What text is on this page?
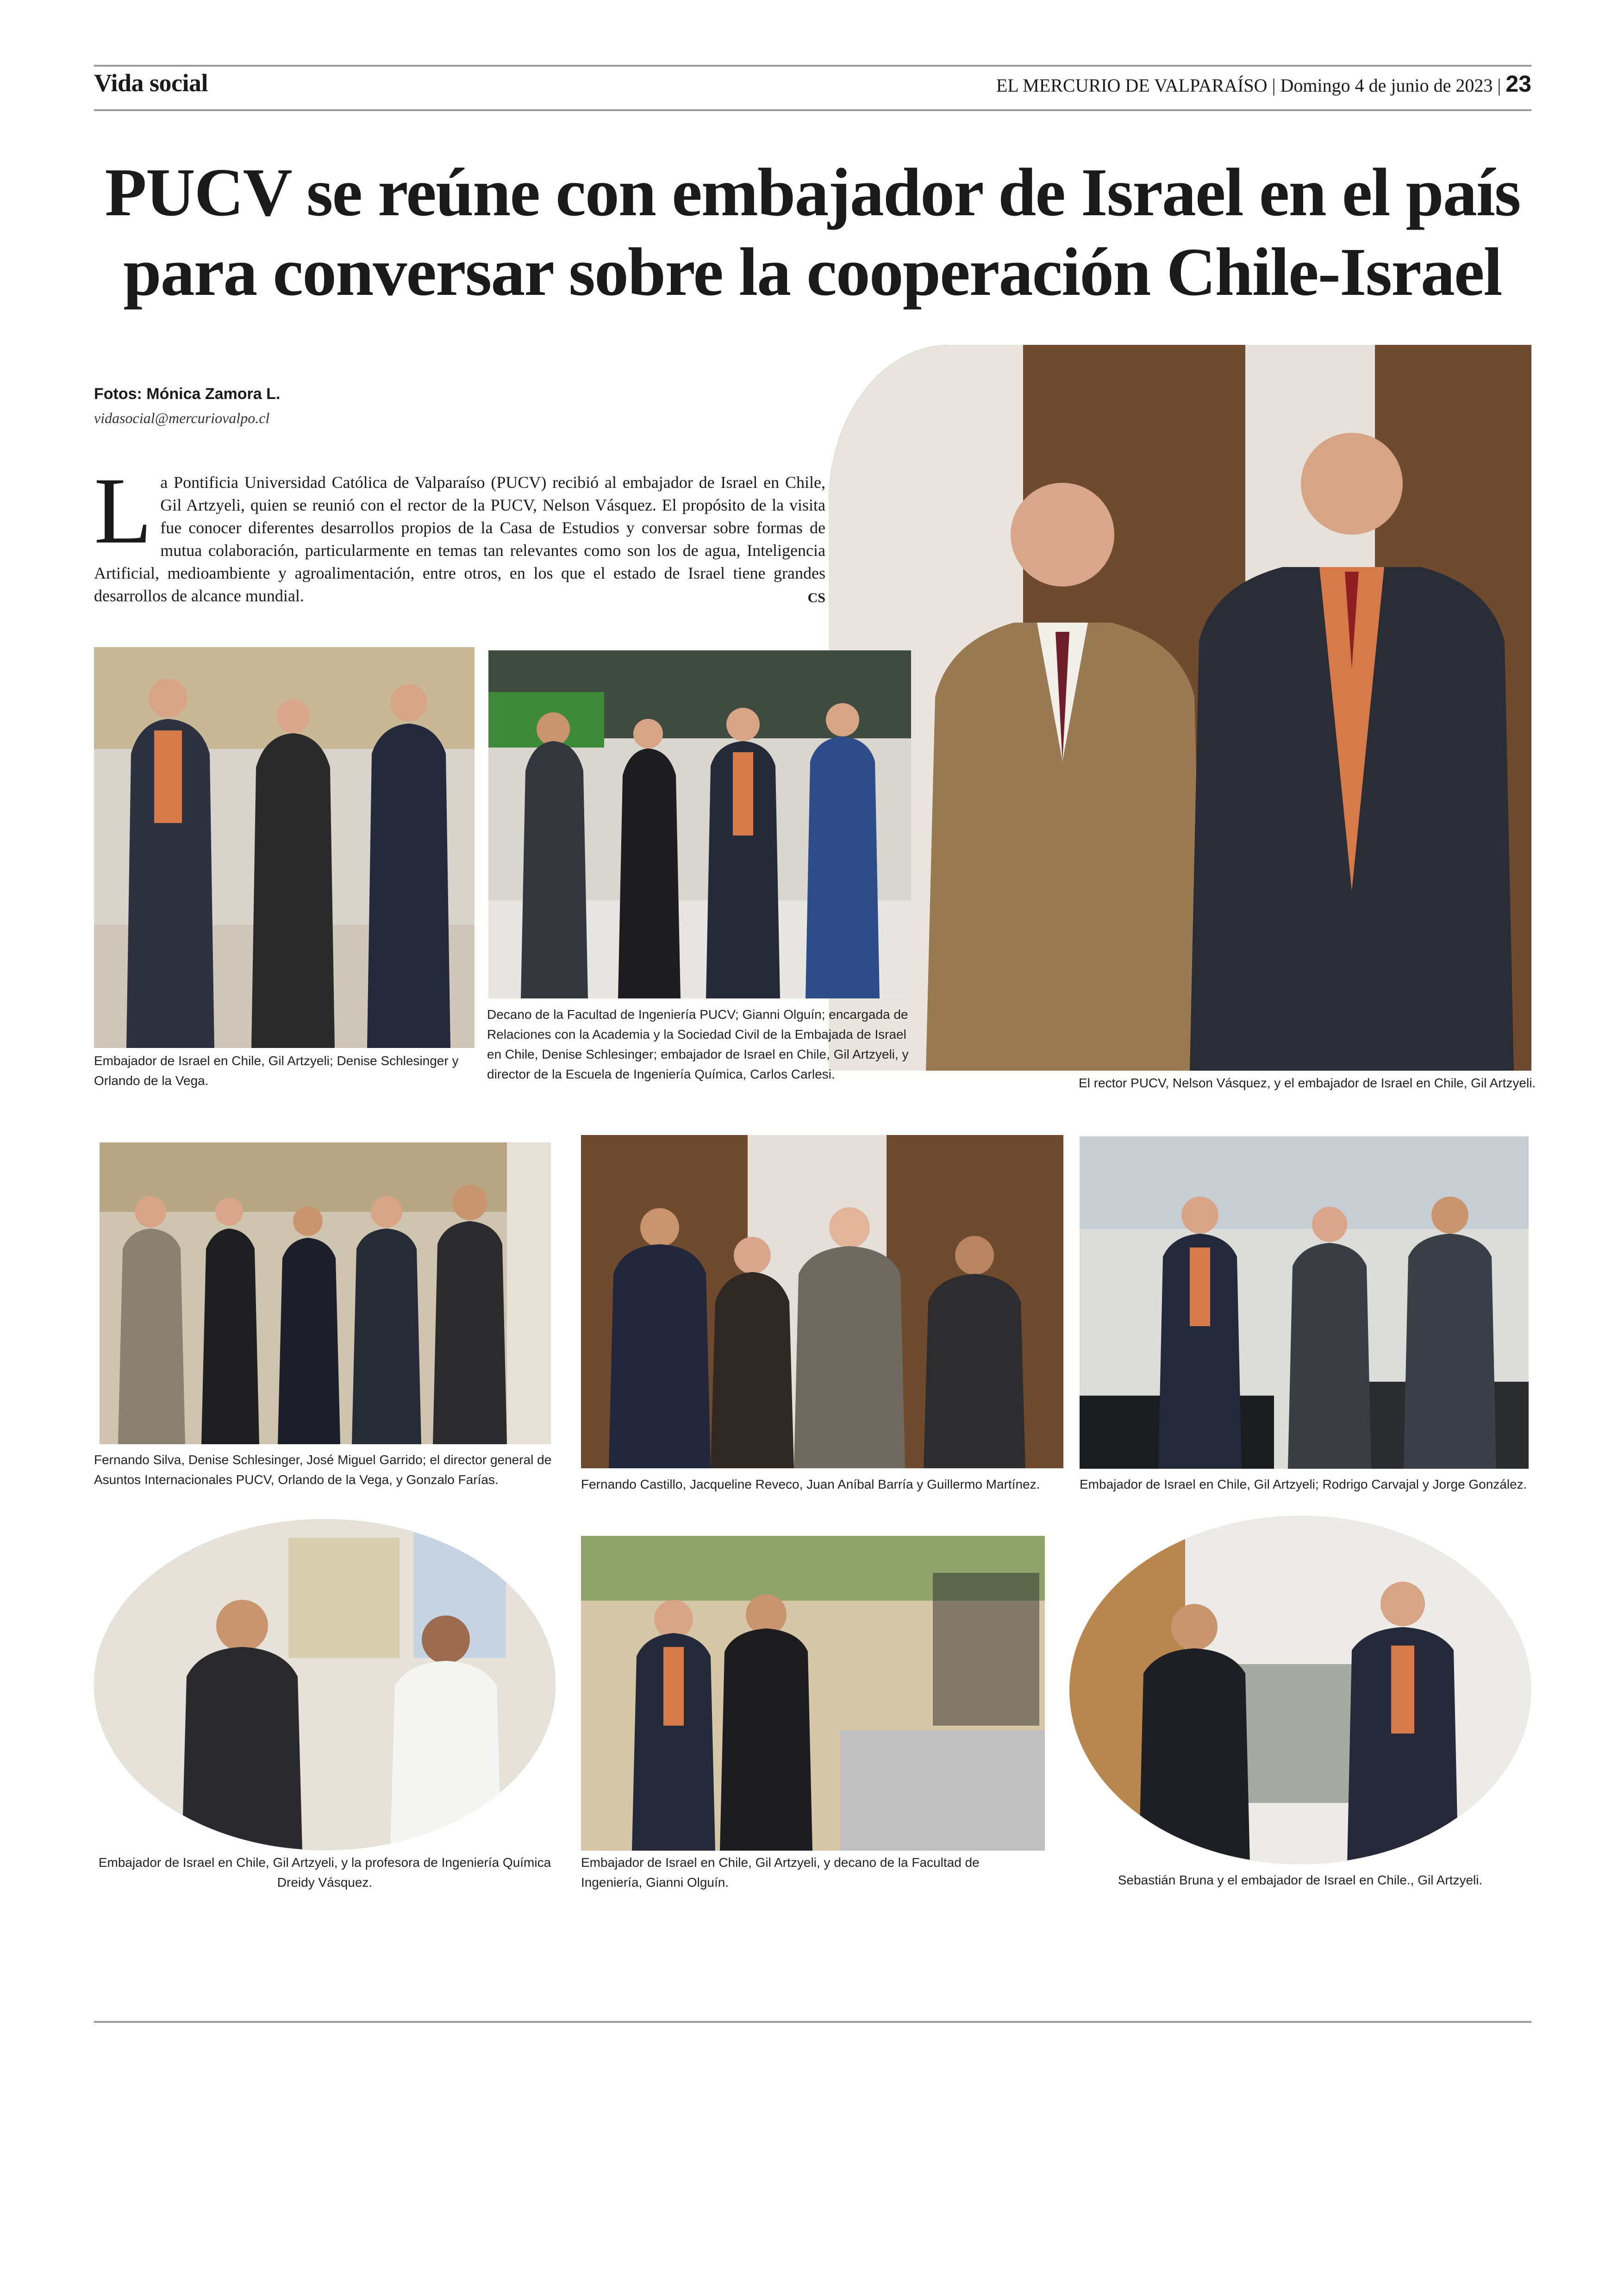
Vida social	EL MERCURIO DE VALPARAÍSO | Domingo 4 de junio de 2023 | 23
PUCV se reúne con embajador de Israel en el país
para conversar sobre la cooperación Chile-Israel
Fotos: Mónica Zamora L.
vidasocial@mercuriovalpo.cl
L a Pontificia Universidad Católica de Valparaíso (PUCV) recibió al embajador de Israel en Chile, Gil Artzyeli, quien se reunió con el rector de la PUCV, Nelson Vásquez. El propósito de la visita fue conocer diferentes desarrollos propios de la Casa de Estudios y conversar sobre formas de mutua colaboración, particularmente en temas tan relevantes como son los de agua, Inteligencia Artificial, medioambiente y agroalimentación, entre otros, en los que el estado de Israel tiene grandes desarrollos de alcance mundial.	CS
Embajador de Israel en Chile, Gil Artzyeli; Denise Schlesinger y Orlando de la Vega.
Decano de la Facultad de Ingeniería PUCV; Gianni Olguín; encargada de Relaciones con la Academia y la Sociedad Civil de la Embajada de Israel en Chile, Denise Schlesinger; embajador de Israel en Chile, Gil Artzyeli, y director de la Escuela de Ingeniería Química, Carlos Carlesi.
El rector PUCV, Nelson Vásquez, y el embajador de Israel en Chile, Gil Artzyeli.
Fernando Silva, Denise Schlesinger, José Miguel Garrido; el director general de Asuntos Internacionales PUCV, Orlando de la Vega, y Gonzalo Farías.	Fernando Castillo, Jacqueline Reveco, Juan Aníbal Barría y Guillermo Martínez.	Embajador de Israel en Chile, Gil Artzyeli; Rodrigo Carvajal y Jorge González.
Embajador de Israel en Chile, Gil Artzyeli, y la profesora de Ingeniería Química Dreidy Vásquez.
Embajador de Israel en Chile, Gil Artzyeli, y decano de la Facultad de Ingeniería, Gianni Olguín.	Sebastián Bruna y el embajador de Israel en Chile., Gil Artzyeli.
